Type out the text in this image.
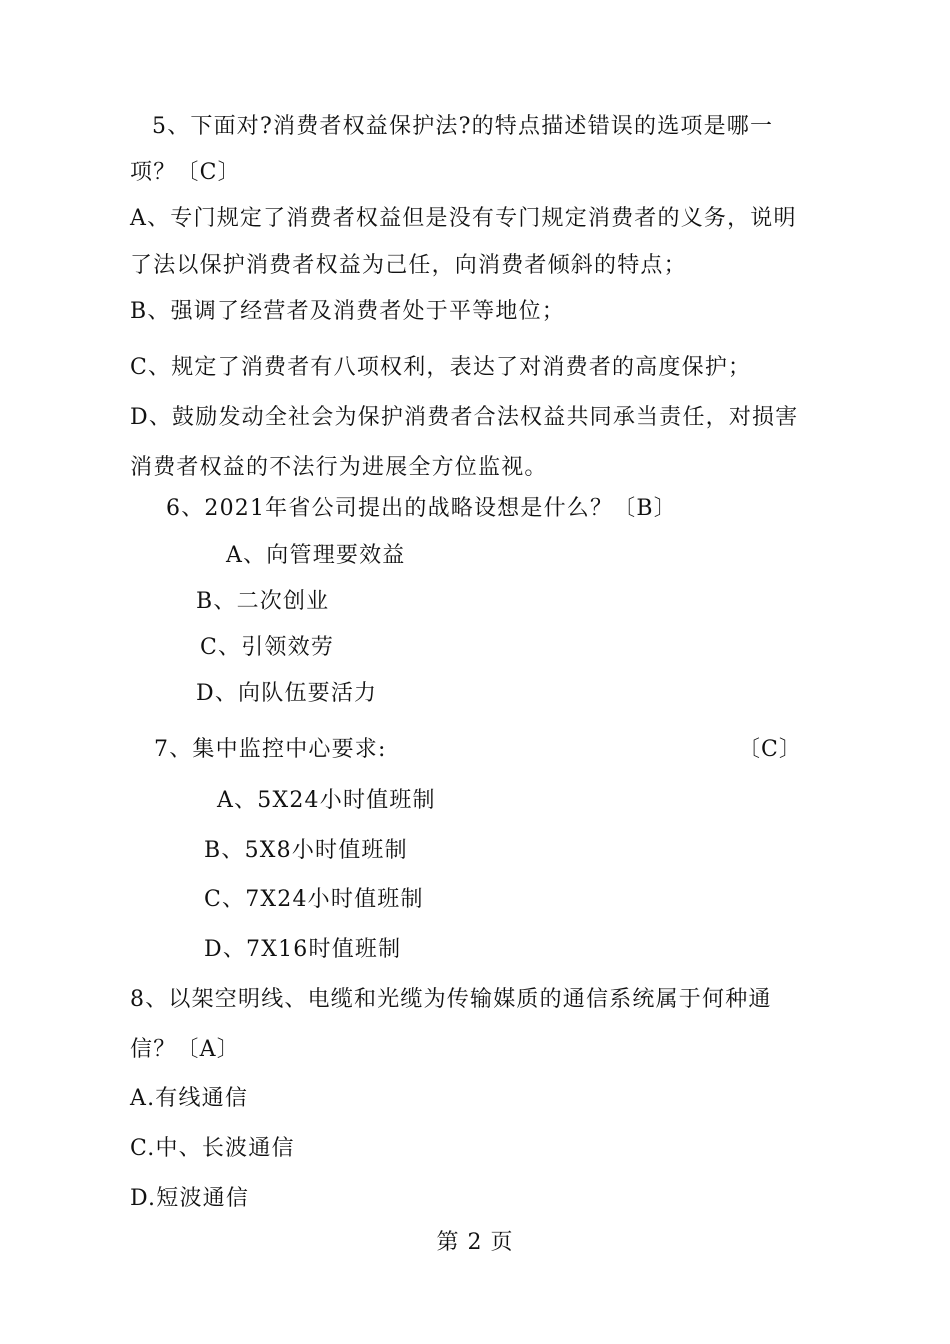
5、下面对?消费者权益保护法?的特点描述错误的选项是哪一
项？〔C〕
A、专门规定了消费者权益但是没有专门规定消费者的义务，说明
了法以保护消费者权益为己任，向消费者倾斜的特点；
B、强调了经营者及消费者处于平等地位；
C、规定了消费者有八项权利，表达了对消费者的高度保护；
D、鼓励发动全社会为保护消费者合法权益共同承当责任，对损害
消费者权益的不法行为进展全方位监视。
6、2021年省公司提出的战略设想是什么？〔B〕
A、向管理要效益
B、二次创业
C、引领效劳
D、向队伍要活力
7、集中监控中心要求:	〔C〕
A、5X24小时值班制
B、5X8小时值班制
C、7X24小时值班制
D、7X16时值班制
8、以架空明线、电缆和光缆为传输媒质的通信系统属于何种通
信？〔A〕
A.有线通信
C.中、长波通信
D.短波通信
第 2 页
